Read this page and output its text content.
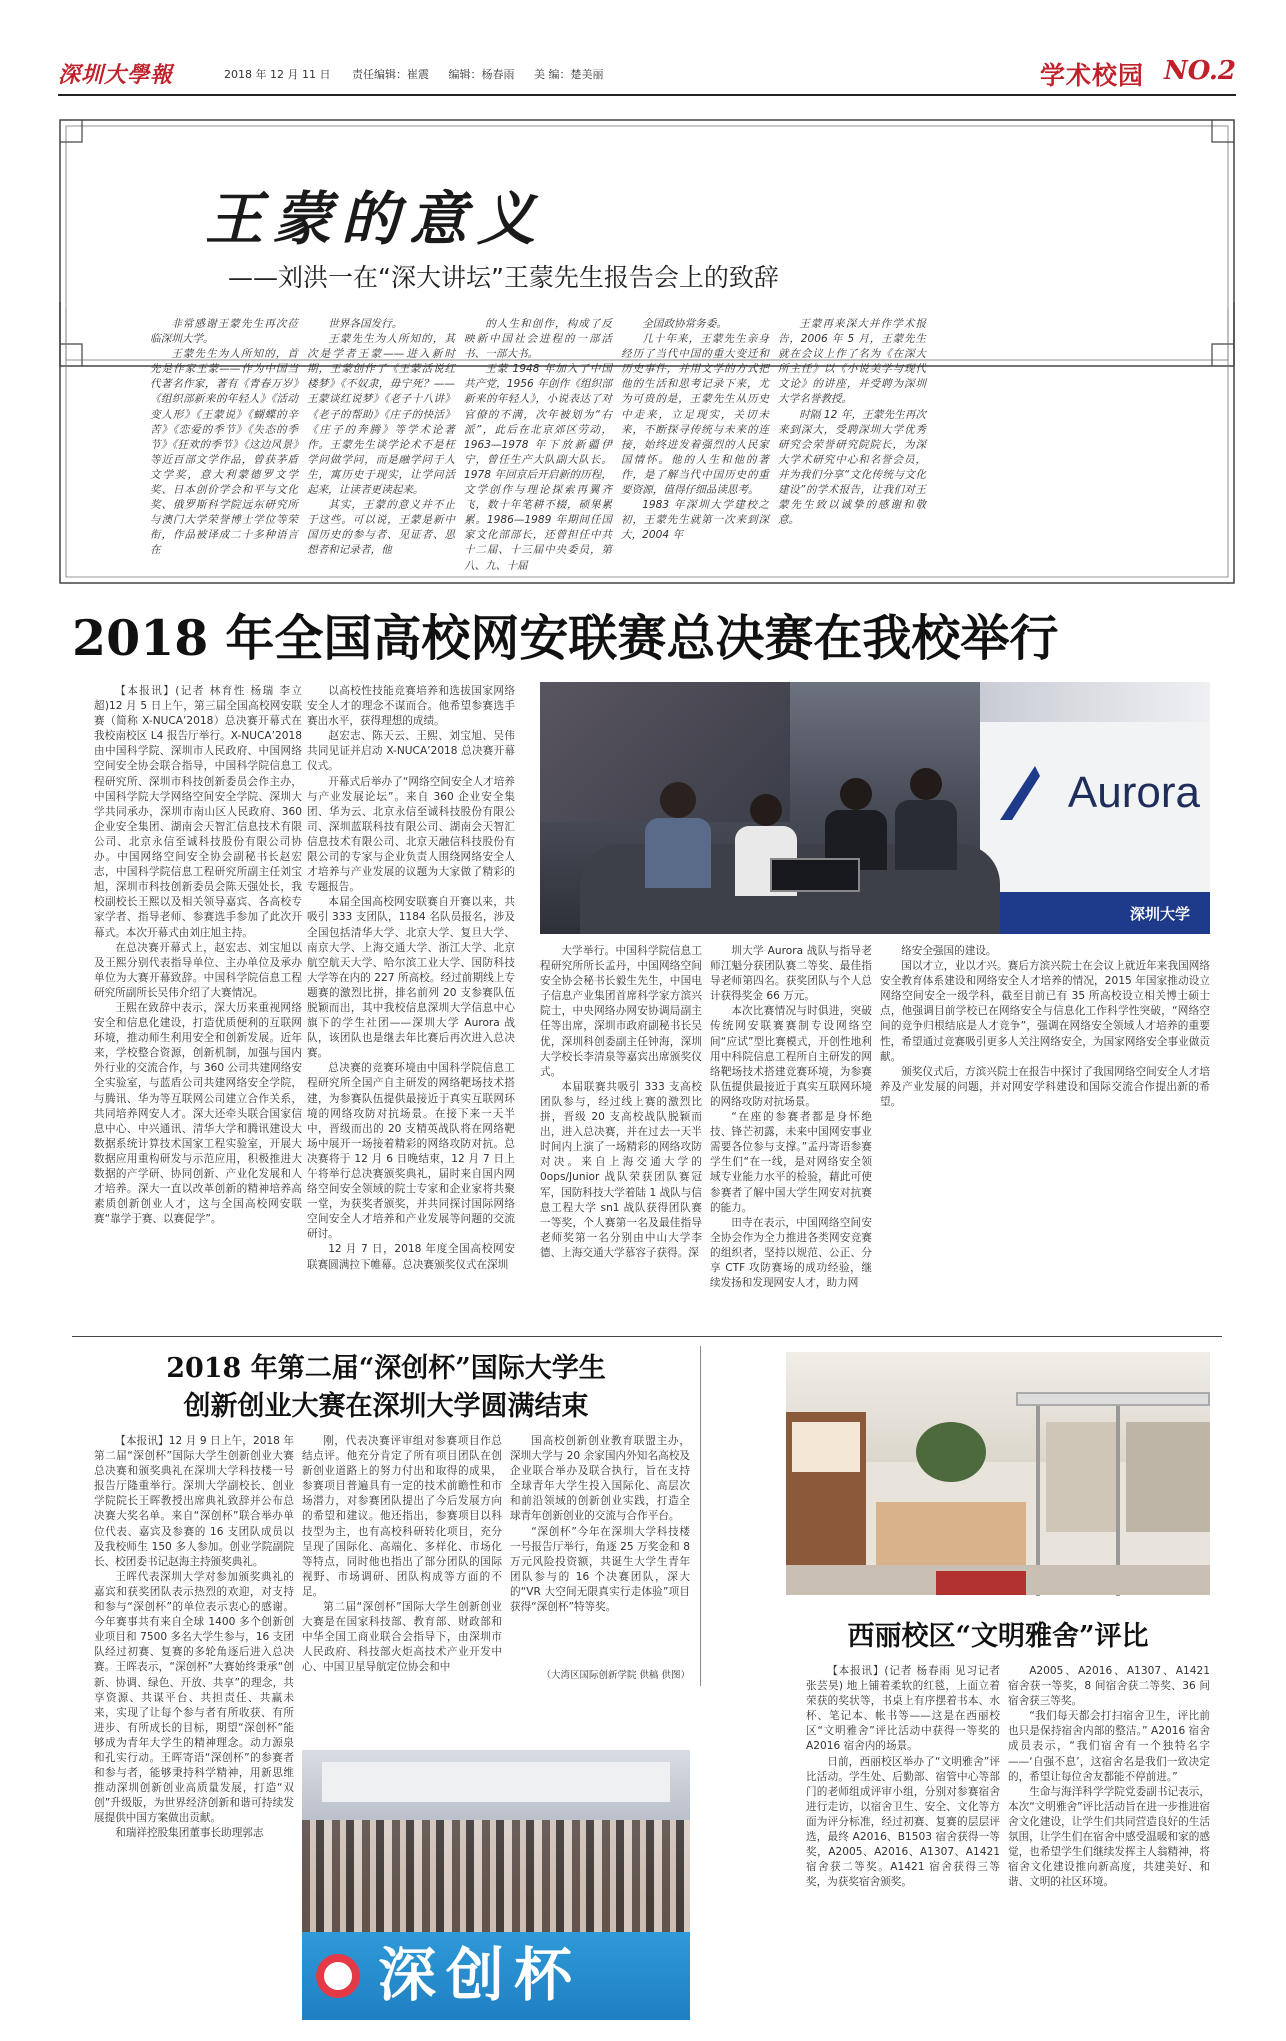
深圳大學報	2018 年 12 月 11 日 责任编辑：崔震 编辑：杨春雨 美 编：楚美丽	学术校园 NO.2
王蒙的意义
——刘洪一在“深大讲坛”王蒙先生报告会上的致辞

非常感谢王蒙先生再次莅临深圳大学。

王蒙先生为人所知的，首先是作家王蒙——作为中国当代著名作家，著有《青春万岁》《组织部新来的年轻人》《活动变人形》《王蒙说》《蝴蝶的辛苦》《恋爱的季节》《失态的季节》《狂欢的季节》《这边风景》等近百部文学作品，曾获茅盾文学奖，意大利蒙德罗文学奖、日本创价学会和平与文化奖、俄罗斯科学院远东研究所与澳门大学荣誉博士学位等荣衔，作品被译成二十多种语言在

世界各国发行。

王蒙先生为人所知的，其次是学者王蒙——进入新时期，王蒙创作了《王蒙活说红楼梦》《不奴隶，毋宁死？——王蒙谈红说梦》《老子十八讲》《老子的帮助》《庄子的快活》《庄子的奔腾》等学术论著作。王蒙先生谈学论术不是枉学问做学问，而是融学问于人生，寓历史于现实，让学问活起来，让读者更读起来。

其实，王蒙的意义并不止于这些。可以说，王蒙是新中国历史的参与者、见证者、思想者和记录者，他

的人生和创作，构成了反映新中国社会进程的一部活书、一部大书。

王蒙 1948 年加入了中国共产党，1956 年创作《组织部新来的年轻人》，小说表达了对官僚的不满，次年被划为“右派”，此后在北京郊区劳动，1963—1978 年下放新疆伊宁，曾任生产大队副大队长。1978 年回京后开启新的历程，文学创作与理论探索再翼齐飞，数十年笔耕不辍，硕果累累。1986—1989 年期间任国家文化部部长，还曾担任中共十二届、十三届中央委员，第八、九、十届

全国政协常务委。

几十年来，王蒙先生亲身经历了当代中国的重大变迁和历史事件，并用文学的方式把他的生活和思考记录下来，尤为可贵的是，王蒙先生从历史中走来，立足现实，关切未来，不断探寻传统与未来的连接，始终进发着强烈的人民家国情怀。他的人生和他的著作，是了解当代中国历史的重要资源，值得仔细品读思考。

1983 年深圳大学建校之初，王蒙先生就第一次来到深大，2004 年

王蒙再来深大并作学术报告，2006 年 5 月，王蒙先生就在会议上作了名为《在深大所主任》以《小说美学与现代文论》的讲座，并受聘为深圳大学名誉教授。

时隔 12 年，王蒙先生再次来到深大，受聘深圳大学优秀研究会荣誉研究院院长，为深大学术研究中心和名誉会员，并为我们分享“文化传统与文化建设”的学术报告，让我们对王蒙先生致以诚挚的感谢和敬意。

2018 年全国高校网安联赛总决赛在我校举行

【本报讯】(记者 林育性 杨瑞 李立超)12 月 5 日上午，第三届全国高校网安联赛（简称 X-NUCA’2018）总决赛开幕式在我校南校区 L4 报告厅举行。X-NUCA’2018 由中国科学院、深圳市人民政府、中国网络空间安全协会联合指导，中国科学院信息工程研究所、深圳市科技创新委员会作主办，中国科学院大学网络空间安全学院、深圳大学共同承办，深圳市南山区人民政府、360 企业安全集团、湖南会天智汇信息技术有限公司、北京永信至诚科技股份有限公司协办。中国网络空间安全协会副秘书长赵宏志，中国科学院信息工程研究所副主任刘宝旭，深圳市科技创新委员会陈天强处长，我校副校长王熙以及相关领导嘉宾、各高校专家学者、指导老师、参赛选手参加了此次开幕式。本次开幕式由刘庄旭主持。

在总决赛开幕式上，赵宏志、刘宝旭以及王熙分别代表指导单位、主办单位及承办单位为大赛开幕致辞。中国科学院信息工程研究所副所长吴伟介绍了大赛情况。

王熙在致辞中表示，深大历来重视网络安全和信息化建设，打造优质便利的互联网环境，推动师生利用安全和创新发展。近年来，学校整合资源，创新机制，加强与国内外行业的交流合作，与 360 公司共建网络安全实验室，与蓝盾公司共建网络安全学院，与腾讯、华为等互联网公司建立合作关系，共同培养网安人才。深大还牵头联合国家信息中心、中兴通讯、清华大学和腾讯建设大数据系统计算技术国家工程实验室，开展大数据应用重构研发与示范应用，积极推进大数据的产学研、协同创新、产业化发展和人才培养。深大一直以改革创新的精神培养高素质创新创业人才，这与全国高校网安联赛“靠学于赛、以赛促学”。

以高校性技能竞赛培养和选拔国家网络安全人才的理念不谋而合。他希望参赛选手赛出水平，获得理想的成绩。

赵宏志、陈天云、王熙、刘宝旭、吴伟共同见证并启动 X-NUCA’2018 总决赛开幕仪式。

开幕式后举办了“网络空间安全人才培养与产业发展论坛”。来自 360 企业安全集团、华为云、北京永信至诚科技股份有限公司、深圳蓝联科技有限公司、湖南会天智汇信息技术有限公司、北京天融信科技股份有限公司的专家与企业负责人围绕网络安全人才培养与产业发展的议题为大家做了精彩的专题报告。

本届全国高校网安联赛自开赛以来，共吸引 333 支团队，1184 名队员报名，涉及全国包括清华大学、北京大学、复旦大学、南京大学、上海交通大学、浙江大学、北京航空航天大学、哈尔滨工业大学、国防科技大学等在内的 227 所高校。经过前期线上专题赛的激烈比拼，排名前列 20 支参赛队伍脱颖而出，其中我校信息深圳大学信息中心旗下的学生社团——深圳大学 Aurora 战队，该团队也是继去年比赛后再次进入总决赛。

总决赛的竞赛环境由中国科学院信息工程研究所全国产自主研发的网络靶场技术搭建，为参赛队伍提供最接近于真实互联网环境的网络攻防对抗场景。在接下来一天半中，晋级而出的 20 支精英战队将在网络靶场中展开一场接着精彩的网络攻防对抗。总决赛将于 12 月 6 日晚结束，12 月 7 日上午将举行总决赛颁奖典礼，届时来自国内网络空间安全领域的院士专家和企业家将共聚一堂，为获奖者颁奖，并共同探讨国际网络空间安全人才培养和产业发展等问题的交流研讨。

12 月 7 日，2018 年度全国高校网安联赛圆满拉下帷幕。总决赛颁奖仪式在深圳

Aurora
深圳大学

大学举行。中国科学院信息工程研究所所长孟丹，中国网络空间安全协会秘书长毅生先生，中国电子信息产业集团首席科学家方滨兴院士，中央网络办网安协调局副主任等出席，深圳市政府副秘书长吴优，深圳科创委副主任钟海，深圳大学校长李清泉等嘉宾出席颁奖仪式。

本届联赛共吸引 333 支高校团队参与，经过线上赛的激烈比拼，晋级 20 支高校战队脱颖而出，进入总决赛，并在过去一天半时间内上演了一场精彩的网络攻防对决。来自上海交通大学的 0ops/Junior 战队荣获团队赛冠军，国防科技大学着陆 1 战队与信息工程大学 sn1 战队获得团队赛一等奖，个人赛第一名及最佳指导老师奖第一名分别由中山大学李德、上海交通大学慕容子获得。深

圳大学 Aurora 战队与指导老师江魁分获团队赛二等奖、最佳指导老师第四名。获奖团队与个人总计获得奖金 66 万元。

本次比赛情况与时俱进，突破传统网安联赛赛制专设网络空间“应试”型比赛模式，开创性地利用中科院信息工程所自主研发的网络靶场技术搭建竞赛环境，为参赛队伍提供最接近于真实互联网环境的网络攻防对抗场景。

“在座的参赛者都是身怀绝技、锋芒初露，未来中国网安事业需要各位参与支撑。”孟丹寄语参赛学生们“在一线，是对网络安全领域专业能力水平的检验，藉此可使参赛者了解中国大学生网安对抗赛的能力。

田寺在表示，中国网络空间安全协会作为全力推进各类网安竞赛的组织者，坚持以规范、公正、分享 CTF 攻防赛场的成功经验，继续发扬和发现网安人才，助力网

络安全强国的建设。

国以才立，业以才兴。赛后方滨兴院士在会议上就近年来我国网络安全教育体系建设和网络安全人才培养的情况，2015 年国家推动设立网络空间安全一级学科，截至目前已有 35 所高校设立相关博士硕士点，他强调目前学校已在网络安全与信息化工作科学性突破，“网络空间的竞争归根结底是人才竞争”，强调在网络安全领域人才培养的重要性，希望通过竞赛吸引更多人关注网络安全，为国家网络安全事业做贡献。

颁奖仪式后，方滨兴院士在报告中探讨了我国网络空间安全人才培养及产业发展的问题，并对网安学科建设和国际交流合作提出新的希望。

2018 年第二届“深创杯”国际大学生
创新创业大赛在深圳大学圆满结束

【本报讯】12 月 9 日上午，2018 年第二届“深创杯”国际大学生创新创业大赛总决赛和颁奖典礼在深圳大学科技楼一号报告厅隆重举行。深圳大学副校长、创业学院院长王晖教授出席典礼致辞并公布总决赛大奖名单。来自“深创杯”联合举办单位代表、嘉宾及参赛的 16 支团队成员以及我校师生 150 多人参加。创业学院副院长、校团委书记赵海主持颁奖典礼。

王晖代表深圳大学对参加颁奖典礼的嘉宾和获奖团队表示热烈的欢迎，对支持和参与“深创杯”的单位表示衷心的感谢。今年赛事共有来自全球 1400 多个创新创业项目和 7500 多名大学生参与，16 支团队经过初赛、复赛的多轮角逐后进入总决赛。王晖表示，“深创杯”大赛始终秉承“创新、协调、绿色、开放、共享”的理念，共享资源、共谋平台、共担责任、共赢未来，实现了让每个参与者有所收获、有所进步、有所成长的目标，期望“深创杯”能够成为青年大学生的精神理念。动力源泉和孔实行动。王晖寄语“深创杯”的参赛者和参与者，能够秉持科学精神，用新思维推动深圳创新创业高质量发展，打造“双创”升级版，为世界经济创新和谐可持续发展提供中国方案做出贡献。

和瑞祥控股集团董事长助理郭志

刚，代表决赛评审组对参赛项目作总结点评。他充分肯定了所有项目团队在创新创业道路上的努力付出和取得的成果，参赛项目普遍具有一定的技术前瞻性和市场潜力，对参赛团队提出了今后发展方向的希望和建议。他还指出，参赛项目以科技型为主，也有高校科研转化项目，充分呈现了国际化、高端化、多样化、市场化等特点，同时他也指出了部分团队的国际视野、市场调研、团队构成等方面的不足。

第二届“深创杯”国际大学生创新创业大赛是在国家科技部、教育部、财政部和中华全国工商业联合会指导下，由深圳市人民政府、科技部火炬高技术产业开发中心、中国卫星导航定位协会和中

国高校创新创业教育联盟主办，深圳大学与 20 余家国内外知名高校及企业联合举办及联合执行，旨在支持全球青年大学生投入国际化、高层次和前沿领域的创新创业实践，打造全球青年创新创业的交流与合作平台。

“深创杯”今年在深圳大学科技楼一号报告厅举行，角逐 25 万奖金和 8 万元风险投资额，共诞生大学生青年团队参与的 16 个决赛团队，深大的“VR 大空间无限真实行走体验”项目获得“深创杯”特等奖。

（大湾区国际创新学院 供稿 供图）
深创杯
西丽校区“文明雅舍”评比

【本报讯】(记者 杨春雨 见习记者 张芸昊) 地上铺着柔软的红毯，上面立着荣获的奖状等，书桌上有序摆着书本、水杯、笔记本、帐书等——这是在西丽校区“文明雅舍”评比活动中获得一等奖的 A2016 宿舍内的场景。

日前，西丽校区举办了“文明雅舍”评比活动。学生处、后勤部、宿管中心等部门的老师组成评审小组，分别对参赛宿舍进行走访，以宿舍卫生、安全、文化等方面为评分标准，经过初赛、复赛的层层评选，最终 A2016、B1503 宿舍获得一等奖，A2005、A2016、A1307、A1421 宿舍获二等奖。A1421 宿舍获得三等奖，为获奖宿舍颁奖。

A2005、A2016、A1307、A1421 宿舍获一等奖，8 间宿舍获二等奖、36 间宿舍获三等奖。

“我们每天都会打扫宿舍卫生，评比前也只是保持宿舍内部的整洁。” A2016 宿舍成员表示，“我们宿舍有一个独特名字——‘自强不息’，这宿舍名是我们一致决定的，希望让每位舍友都能不停前进。”

生命与海洋科学学院党委副书记表示，本次“文明雅舍”评比活动旨在进一步推进宿舍文化建设，让学生们共同营造良好的生活氛围，让学生们在宿舍中感受温暖和家的感觉，也希望学生们继续发挥主人翁精神，将宿舍文化建设推向新高度，共建美好、和谐、文明的社区环境。
